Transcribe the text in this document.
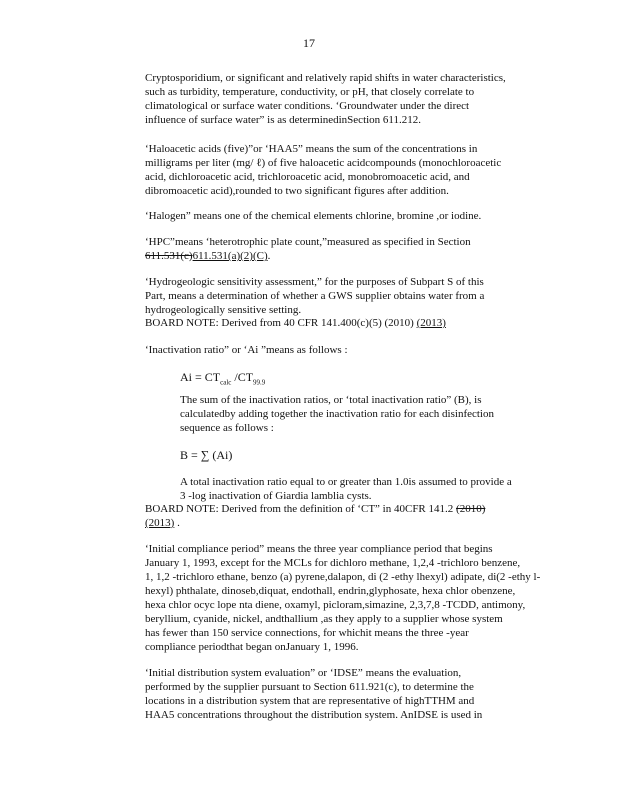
17
Cryptosporidium, or significant and relatively rapid shifts in water characteristics,
such as turbidity, temperature, conductivity, or pH, that closely correlate to
climatological or surface water conditions. ‘Groundwater under the direct
influence of surface water” is as determinedinSection 611.212.
‘Haloacetic acids (five)”or ‘HAA5” means the sum of the concentrations in
milligrams per liter (mg/ ℓ) of five haloacetic acidcompounds (monochloroacetic
acid, dichloroacetic acid, trichloroacetic acid, monobromoacetic acid, and
dibromoacetic acid),rounded to two significant figures after addition.
‘Halogen” means one of the chemical elements chlorine, bromine ,or iodine.
‘HPC”means ‘heterotrophic plate count,”measured as specified in Section
611.531(c)611.531(a)(2)(C).
‘Hydrogeologic sensitivity assessment,” for the purposes of Subpart S of this
Part, means a determination of whether a GWS supplier obtains water from a
hydrogeologically sensitive setting.
BOARD NOTE: Derived from 40 CFR 141.400(c)(5) (2010) (2013)
‘Inactivation ratio” or ‘Ai ”means as follows :
$Ai = CT_{calc}$ $/CT_{99.9}$
The sum of the inactivation ratios, or ‘total inactivation ratio” (B), is
calculatedby adding together the inactivation ratio for each disinfection
sequence as follows :
B = ∑ (Ai)
A total inactivation ratio equal to or greater than 1.0is assumed to provide a
3 -log inactivation of Giardia lamblia cysts.
BOARD NOTE: Derived from the definition of ‘CT” in 40CFR 141.2 (2010)
(2013) .
‘Initial compliance period” means the three year compliance period that begins
January 1, 1993, except for the MCLs for dichloro methane, 1,2,4 -trichloro benzene,
1, 1,2 -trichloro ethane, benzo (a) pyrene,dalapon, di (2 -ethy lhexyl) adipate, di(2 -ethy l-
hexyl) phthalate, dinoseb,diquat, endothall, endrin,glyphosate, hexa chlor obenzene,
hexa chlor ocyc lope nta diene, oxamyl, picloram,simazine, 2,3,7,8 -TCDD, antimony,
beryllium, cyanide, nickel, andthallium ,as they apply to a supplier whose system
has fewer than 150 service connections, for whichit means the three -year
compliance periodthat began onJanuary 1, 1996.
‘Initial distribution system evaluation” or ‘IDSE” means the evaluation,
performed by the supplier pursuant to Section 611.921(c), to determine the
locations in a distribution system that are representative of highTTHM and
HAA5 concentrations throughout the distribution system. AnIDSE is used in
